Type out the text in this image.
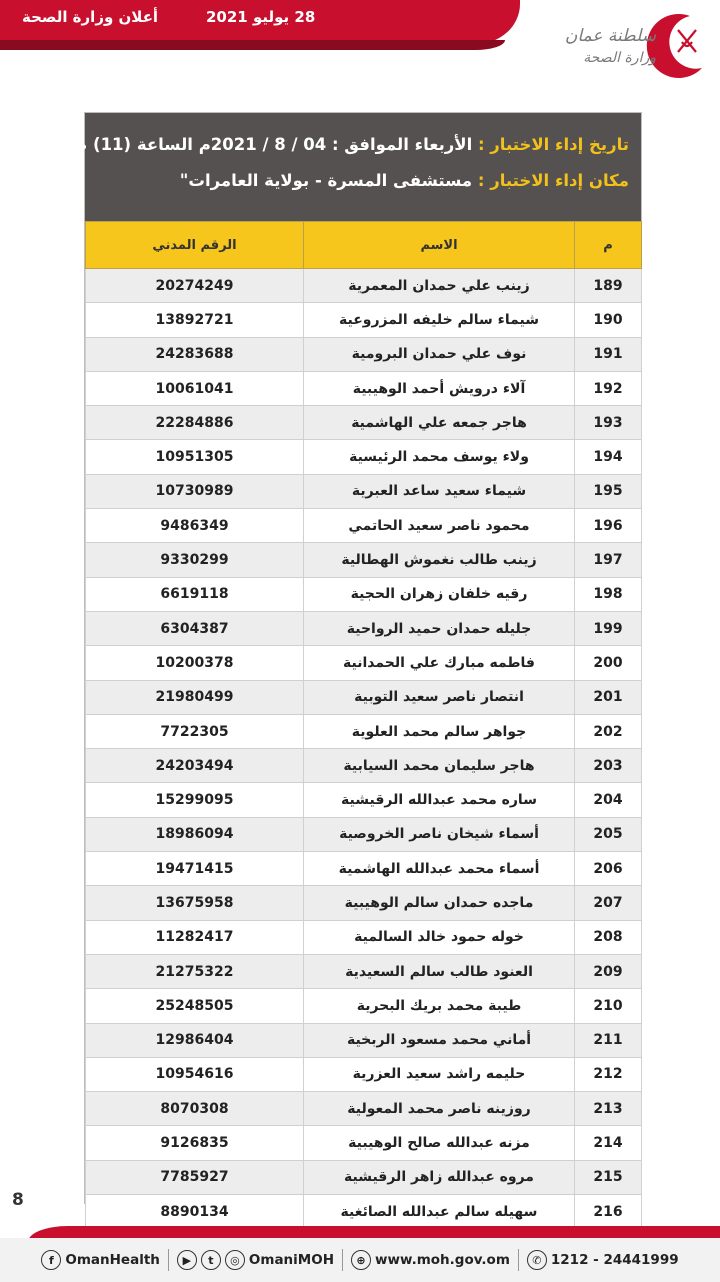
أعلان وزارة الصحة	28 يوليو 2021
سلطنة عمان
وزارة الصحة
تاريخ إداء الاختبار : الأربعاء الموافق : 04 / 8 / 2021م الساعة (11) صباحا
مكان إداء الاختبار : مستشفى المسرة - بولاية العامرات"
م	الاسم	الرقم المدني
189	زينب علي حمدان المعمرية	20274249
190	شيماء سالم خليفه المزروعية	13892721
191	نوف علي حمدان البرومية	24283688
192	آلاء درويش أحمد الوهيبية	10061041
193	هاجر جمعه علي الهاشمية	22284886
194	ولاء يوسف محمد الرئيسية	10951305
195	شيماء سعيد ساعد العبرية	10730989
196	محمود ناصر سعيد الحاتمي	9486349
197	زينب طالب نغموش الهطالية	9330299
198	رقيه خلفان زهران الحجية	6619118
199	جليله حمدان حميد الرواحية	6304387
200	فاطمه مبارك علي الحمدانية	10200378
201	انتصار ناصر سعيد التوبية	21980499
202	جواهر سالم محمد العلوية	7722305
203	هاجر سليمان محمد السيابية	24203494
204	ساره محمد عبدالله الرقيشية	15299095
205	أسماء شيخان ناصر الخروصية	18986094
206	أسماء محمد عبدالله الهاشمية	19471415
207	ماجده حمدان سالم الوهيبية	13675958
208	خوله حمود خالد السالمية	11282417
209	العنود طالب سالم السعيدية	21275322
210	طيبة محمد بريك البحرية	25248505
211	أماني محمد مسعود الربخية	12986404
212	حليمه راشد سعيد العزرية	10954616
213	روزينه ناصر محمد المعولية	8070308
214	مزنه عبدالله صالح الوهيبية	9126835
215	مروه عبدالله زاهر الرقيشية	7785927
216	سهيله سالم عبدالله الصائغية	8890134
8
f OmanHealth	▶	t	◎ OmaniMOH	⊕ www.moh.gov.om	✆ 1212 - 24441999
